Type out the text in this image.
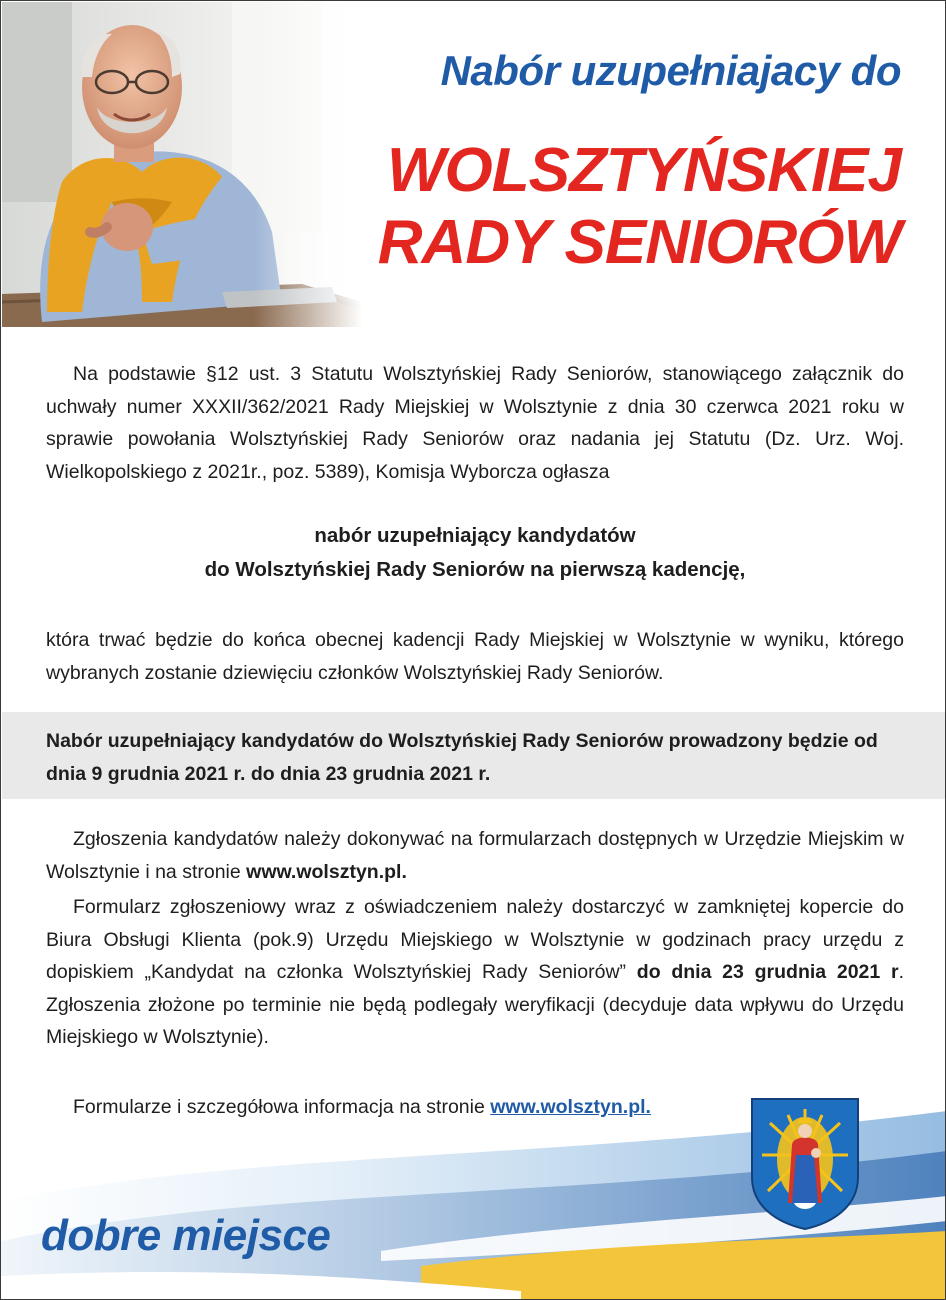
Nabór uzupełniajacy do
WOLSZTYŃSKIEJ
RADY SENIORÓW
Na podstawie §12 ust. 3 Statutu Wolsztyńskiej Rady Seniorów, stanowiącego załącznik do uchwały numer XXXII/362/2021 Rady Miejskiej w Wolsztynie z dnia 30 czerwca 2021 roku w sprawie powołania Wolsztyńskiej Rady Seniorów oraz nadania jej Statutu (Dz. Urz. Woj. Wielkopolskiego z 2021r., poz. 5389), Komisja Wyborcza ogłasza
nabór uzupełniający kandydatów
do Wolsztyńskiej Rady Seniorów na pierwszą kadencję,
która trwać będzie do końca obecnej kadencji Rady Miejskiej w Wolsztynie w wyniku, którego wybranych zostanie dziewięciu członków Wolsztyńskiej Rady Seniorów.
Nabór uzupełniający kandydatów do Wolsztyńskiej Rady Seniorów prowadzony będzie od dnia 9 grudnia 2021 r. do dnia 23 grudnia 2021 r.
Zgłoszenia kandydatów należy dokonywać na formularzach dostępnych w Urzędzie Miejskim w Wolsztynie i na stronie www.wolsztyn.pl.
Formularz zgłoszeniowy wraz z oświadczeniem należy dostarczyć w zamkniętej kopercie do Biura Obsługi Klienta (pok.9) Urzędu Miejskiego w Wolsztynie w godzinach pracy urzędu z dopiskiem „Kandydat na członka Wolsztyńskiej Rady Seniorów” do dnia 23 grudnia 2021 r. Zgłoszenia złożone po terminie nie będą podlegały weryfikacji (decyduje data wpływu do Urzędu Miejskiego w Wolsztynie).
Formularze i szczegółowa informacja na stronie www.wolsztyn.pl.
dobre miejsce
